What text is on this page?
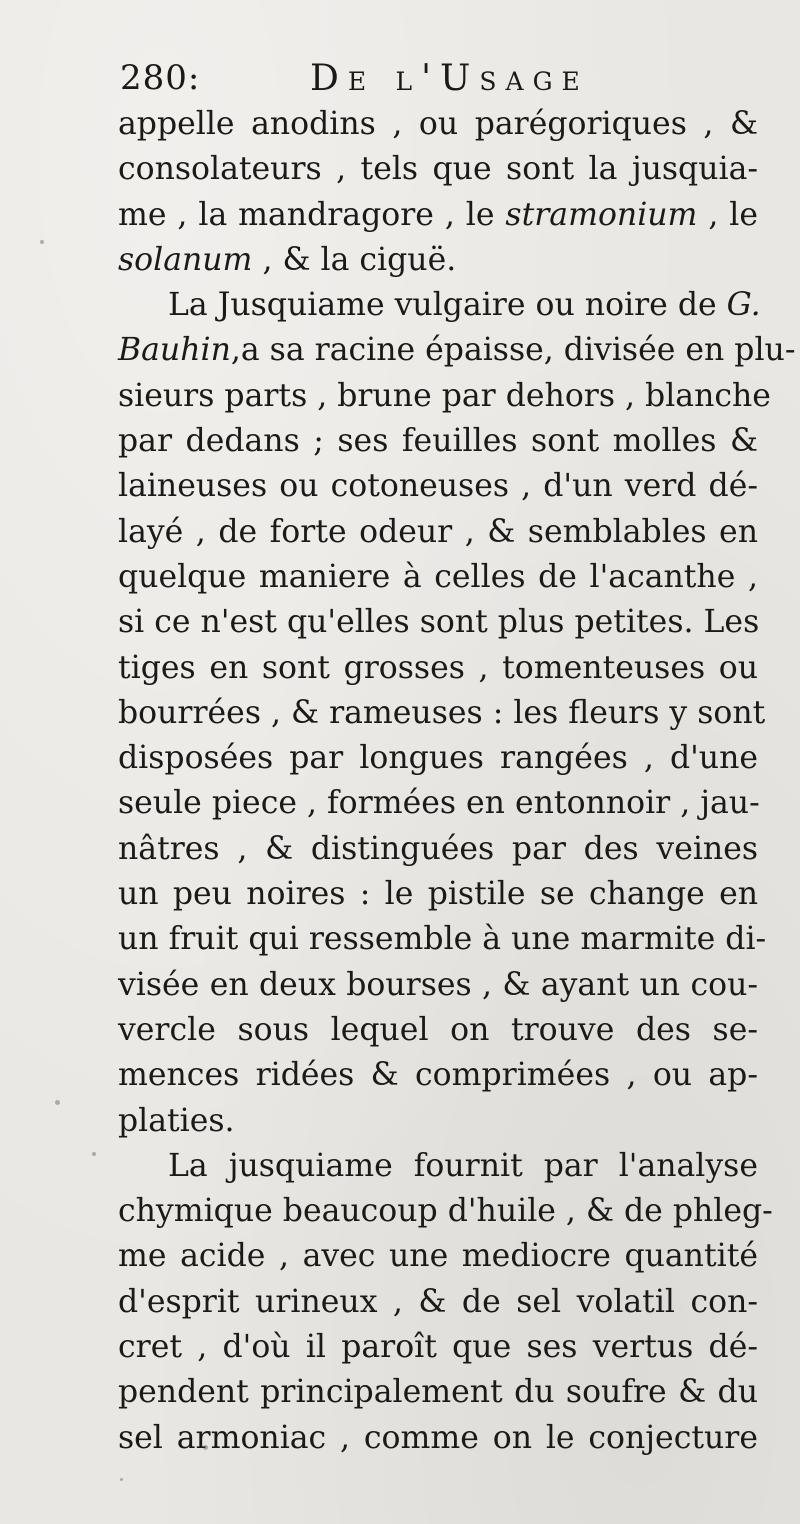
280:	De l'Usage
appelle anodins , ou parégoriques , &
consolateurs , tels que sont la jusquia-
me , la mandragore , le stramonium , le
solanum , & la ciguë.
La Jusquiame vulgaire ou noire de G.
Bauhin,a sa racine épaisse, divisée en plu-
sieurs parts , brune par dehors , blanche
par dedans ; ses feuilles sont molles &
laineuses ou cotoneuses , d'un verd dé-
layé , de forte odeur , & semblables en
quelque maniere à celles de l'acanthe ,
si ce n'est qu'elles sont plus petites. Les
tiges en sont grosses , tomenteuses ou
bourrées , & rameuses : les fleurs y sont
disposées par longues rangées , d'une
seule piece , formées en entonnoir , jau-
nâtres , & distinguées par des veines
un peu noires : le pistile se change en
un fruit qui ressemble à une marmite di-
visée en deux bourses , & ayant un cou-
vercle sous lequel on trouve des se-
mences ridées & comprimées , ou ap-
platies.
La jusquiame fournit par l'analyse
chymique beaucoup d'huile , & de phleg-
me acide , avec une mediocre quantité
d'esprit urineux , & de sel volatil con-
cret , d'où il paroît que ses vertus dé-
pendent principalement du soufre & du
sel armoniac , comme on le conjecture
